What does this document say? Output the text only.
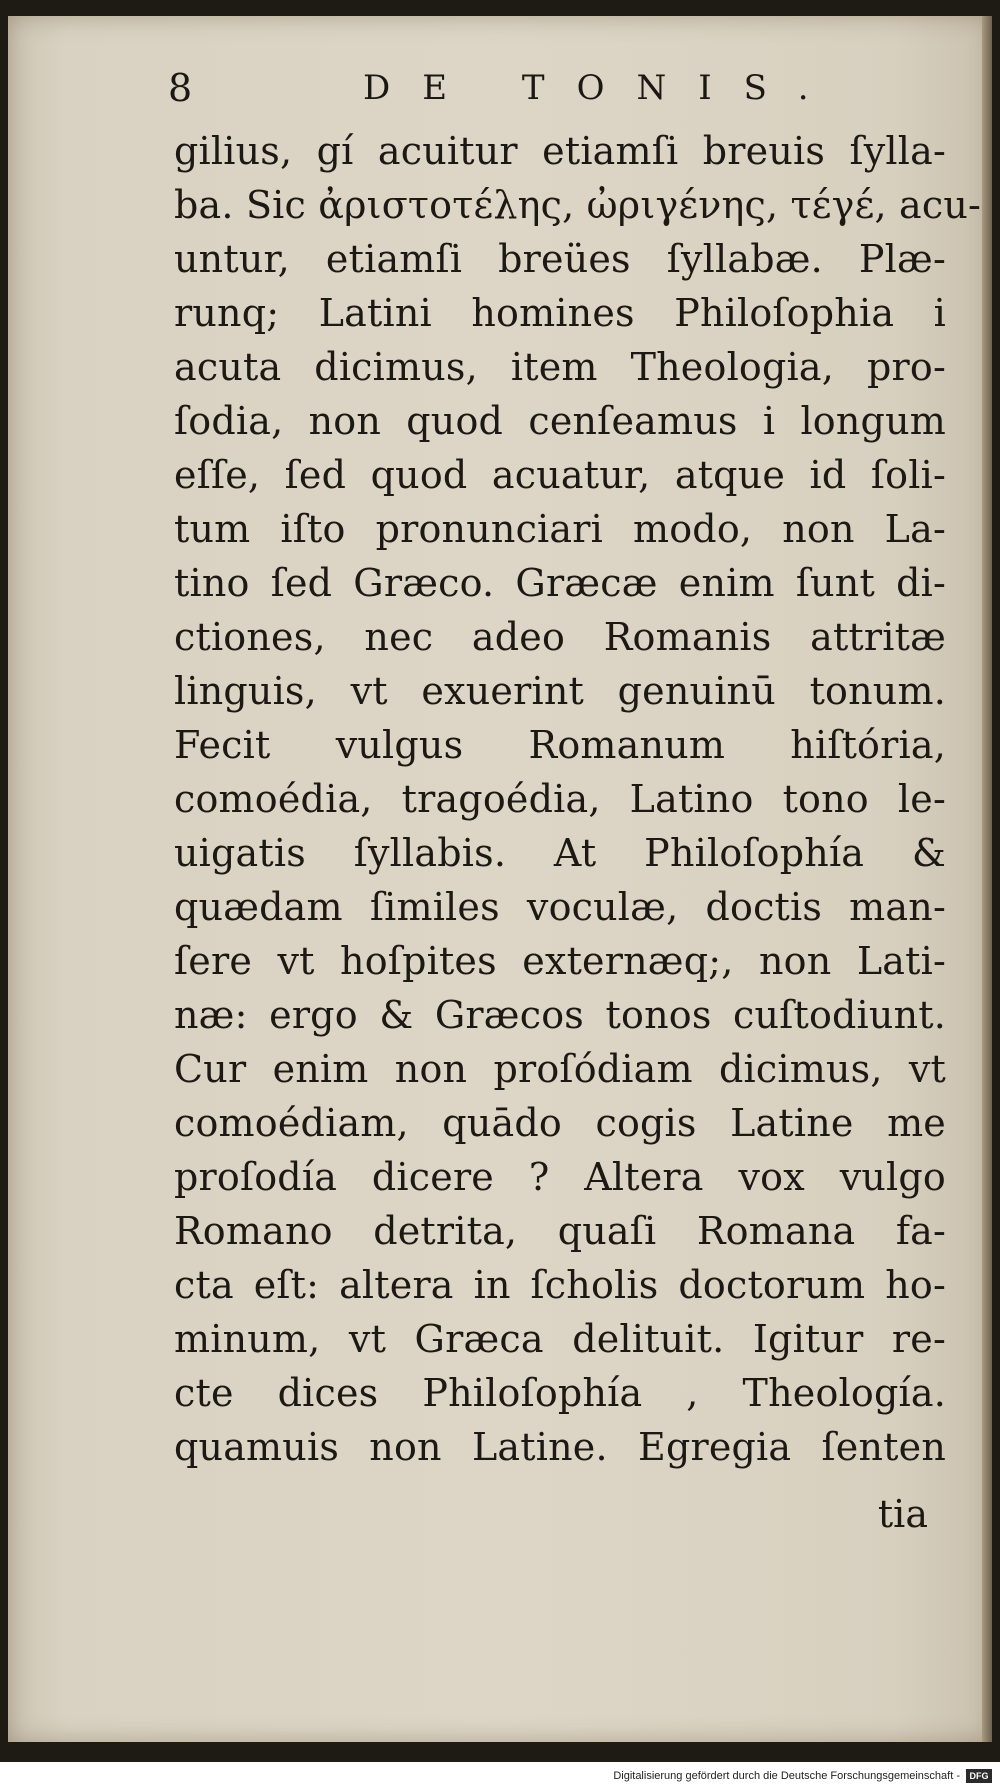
8	DE TONIS.
gilius, gí acuitur etiamſi breuis ſylla-
ba. Sic ἀριστοτέλης, ὠριγένης, τέγέ, acu-
untur, etiamſi breües ſyllabæ. Plæ-
runq; Latini homines Philoſophia i
acuta dicimus, item Theologia, pro-
ſodia, non quod cenſeamus i longum
eſſe, ſed quod acuatur, atque id ſoli-
tum iſto pronunciari modo, non La-
tino ſed Græco. Græcæ enim ſunt di-
ctiones, nec adeo Romanis attritæ
linguis, vt exuerint genuinū tonum.
Fecit vulgus Romanum hiſtória,
comoédia, tragoédia, Latino tono le-
uigatis ſyllabis. At Philoſophía &
quædam ſimiles voculæ, doctis man-
ſere vt hoſpites externæq;, non Lati-
næ: ergo & Græcos tonos cuſtodiunt.
Cur enim non proſódiam dicimus, vt
comoédiam, quādo cogis Latine me
proſodía dicere ? Altera vox vulgo
Romano detrita, quaſi Romana fa-
cta eſt: altera in ſcholis doctorum ho-
minum, vt Græca delituit. Igitur re-
cte dices Philoſophía , Theología.
quamuis non Latine. Egregia ſenten
tia
Digitalisierung gefördert durch die Deutsche Forschungsgemeinschaft -	DFG
